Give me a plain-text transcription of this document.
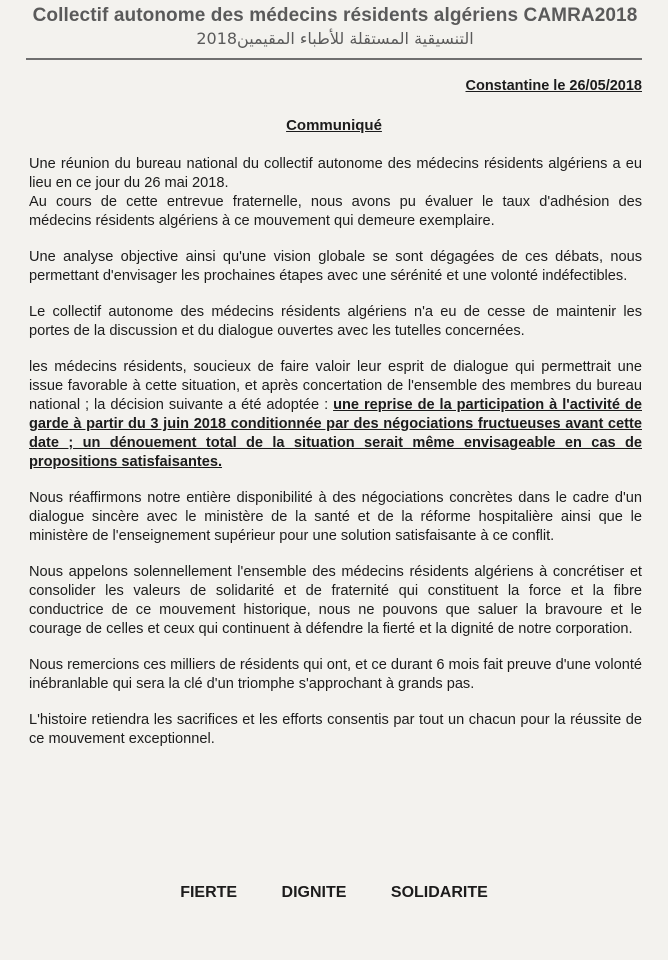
Collectif autonome des médecins résidents algériens CAMRA2018
التنسيقية المستقلة للأطباء المقيمين2018
Constantine le 26/05/2018
Communiqué

Une réunion du bureau national du collectif autonome des médecins résidents algériens a eu lieu en ce jour du 26 mai 2018.
Au cours de cette entrevue fraternelle, nous avons pu évaluer le taux d'adhésion des médecins résidents algériens à ce mouvement qui demeure exemplaire.

Une analyse objective ainsi qu'une vision globale se sont dégagées de ces débats, nous permettant d'envisager les prochaines étapes avec une sérénité et une volonté indéfectibles.

Le collectif autonome des médecins résidents algériens n'a eu de cesse de maintenir les portes de la discussion et du dialogue ouvertes avec les tutelles concernées.

les médecins résidents, soucieux de faire valoir leur esprit de dialogue qui permettrait une issue favorable à cette situation, et après concertation de l'ensemble des membres du bureau national ; la décision suivante a été adoptée : une reprise de la participation à l'activité de garde à partir du 3 juin 2018 conditionnée par des négociations fructueuses avant cette date ; un dénouement total de la situation serait même envisageable en cas de propositions satisfaisantes.

Nous réaffirmons notre entière disponibilité à des négociations concrètes dans le cadre d'un dialogue sincère avec le ministère de la santé et de la réforme hospitalière ainsi que le ministère de l'enseignement supérieur pour une solution satisfaisante à ce conflit.

Nous appelons solennellement l'ensemble des médecins résidents algériens à concrétiser et consolider les valeurs de solidarité et de fraternité qui constituent la force et la fibre conductrice de ce mouvement historique, nous ne pouvons que saluer la bravoure et le courage de celles et ceux qui continuent à défendre la fierté et la dignité de notre corporation.

Nous remercions ces milliers de résidents qui ont, et ce durant 6 mois fait preuve d'une volonté inébranlable qui sera la clé d'un triomphe s'approchant à grands pas.

L'histoire retiendra les sacrifices et les efforts consentis par tout un chacun pour la réussite de ce mouvement exceptionnel.

FIERTE	DIGNITE	SOLIDARITE
